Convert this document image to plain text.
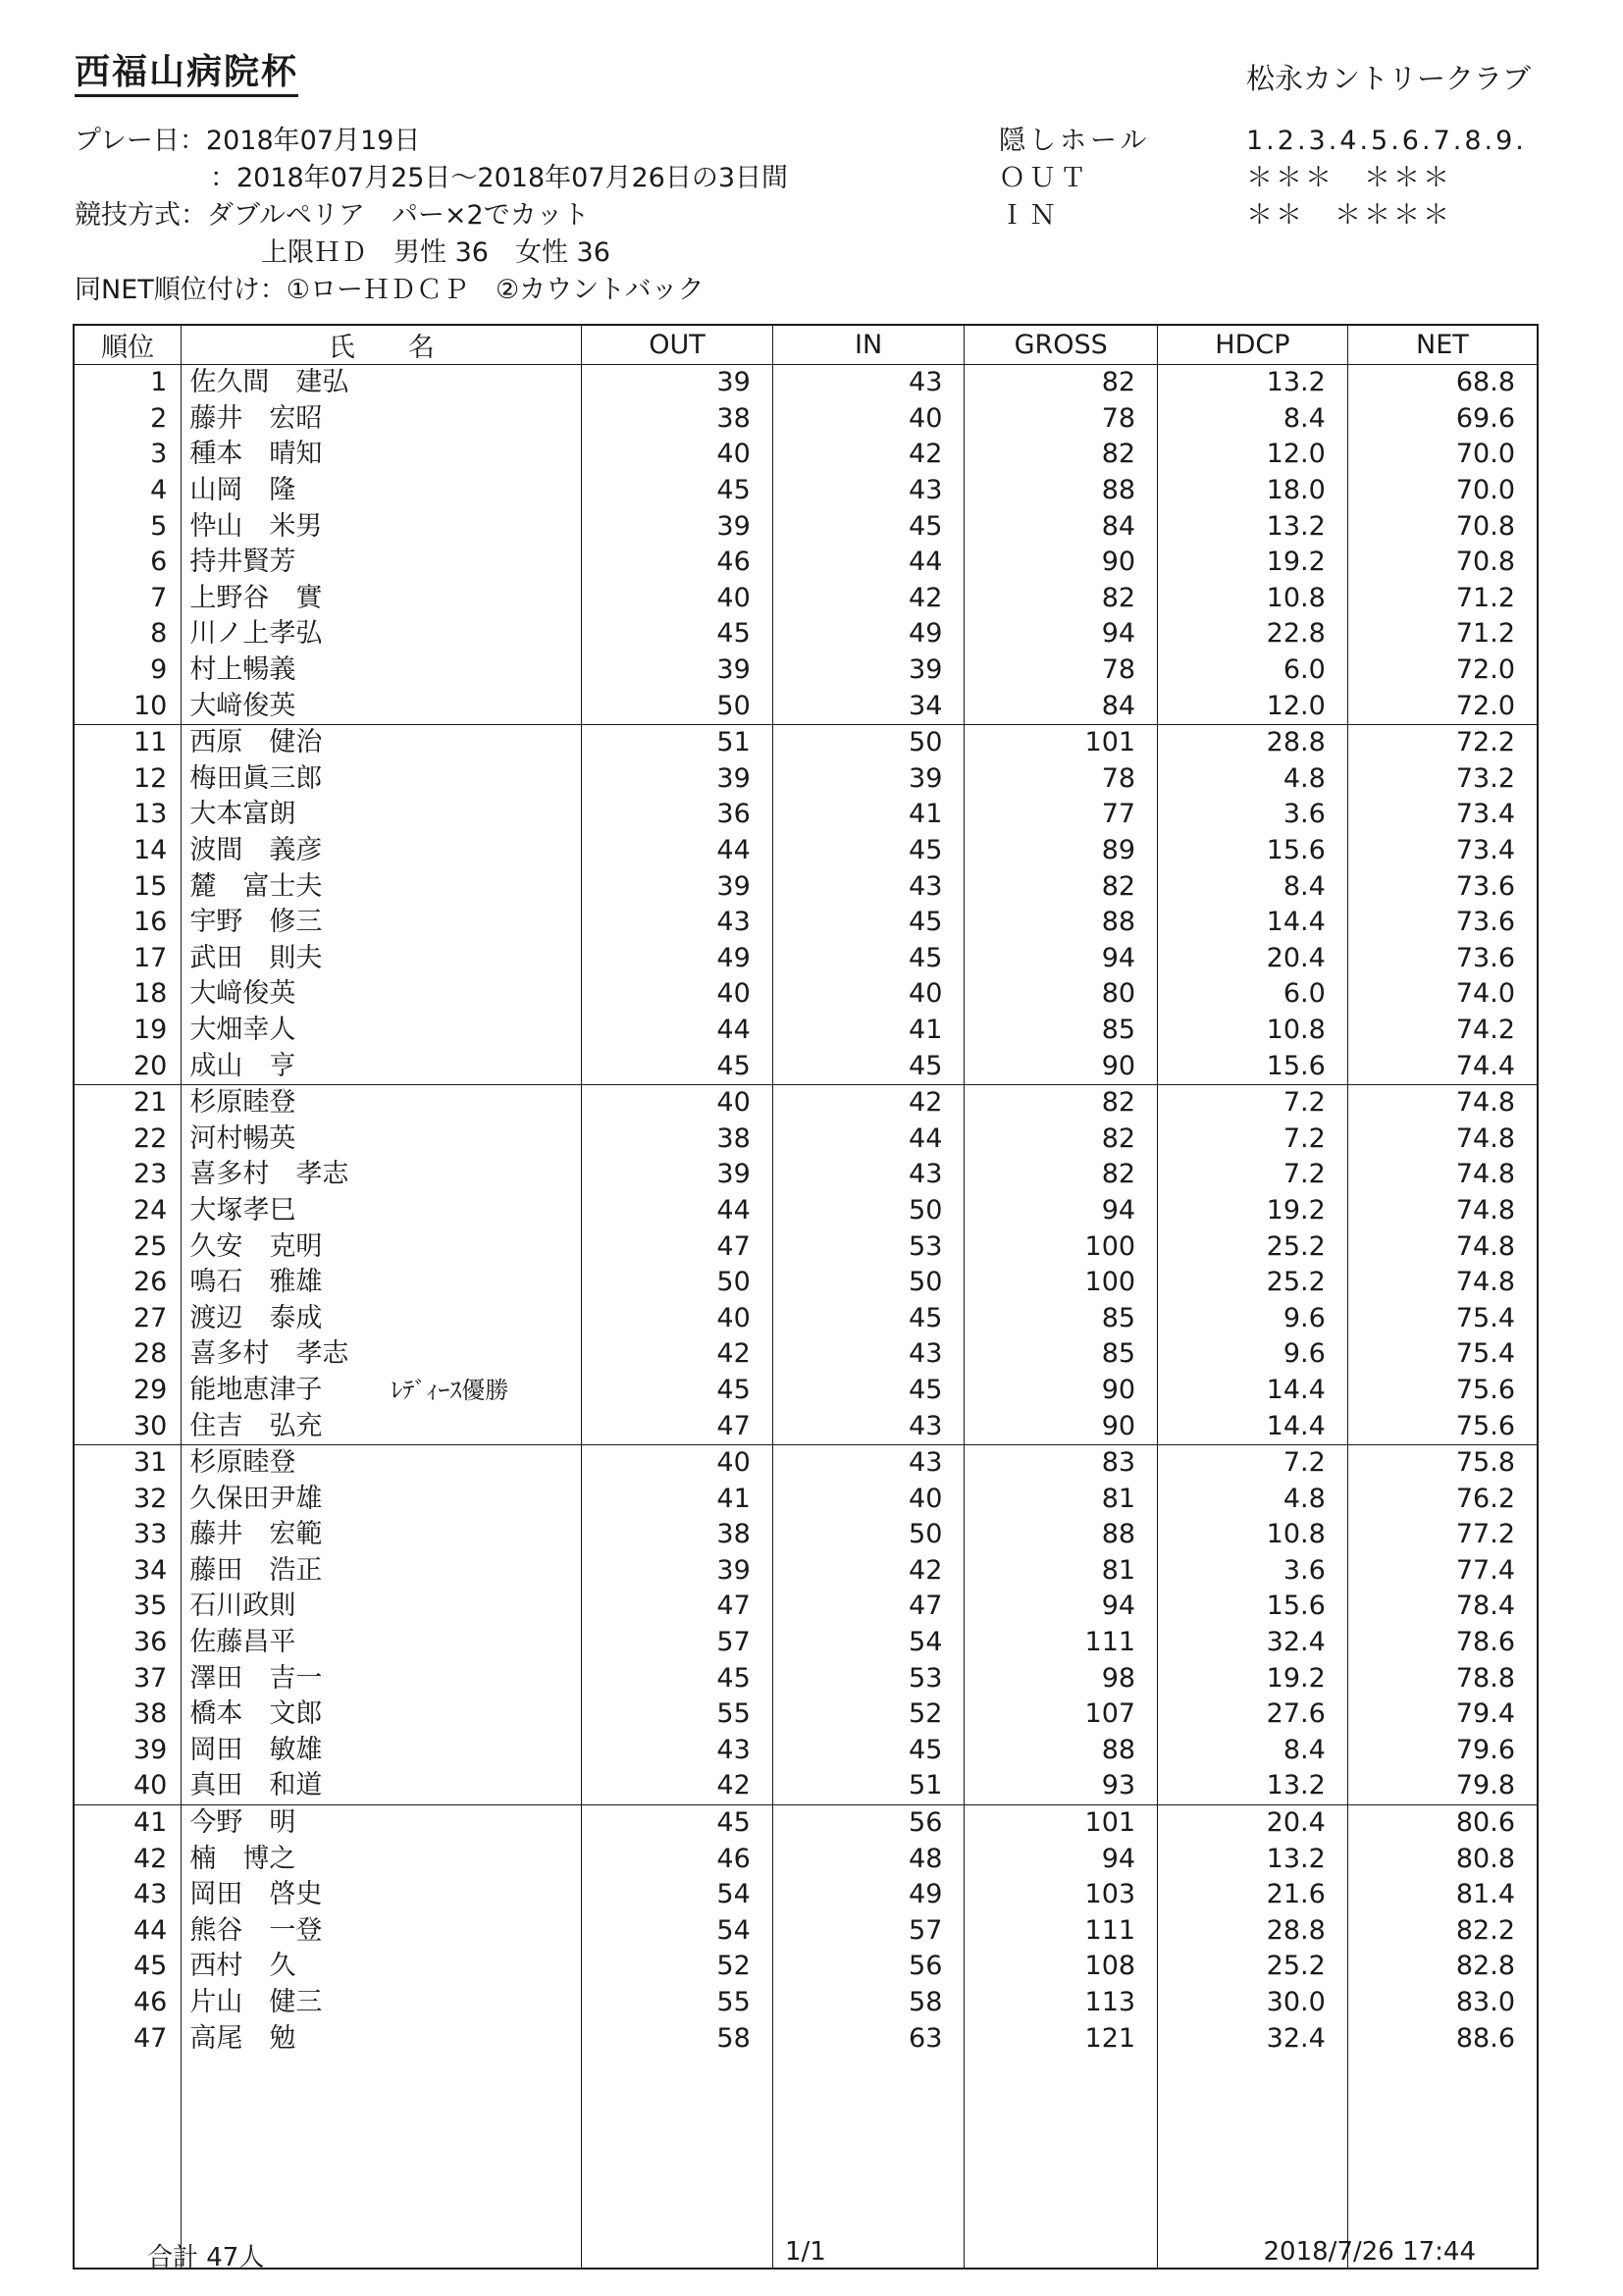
西福山病院杯	松永カントリークラブ
プレー日：2018年07月19日
：2018年07月25日～2018年07月26日の3日間
競技方式：ダブルペリア　パー×2でカット
上限ＨＤ　男性 36　女性 36
同NET順位付け：①ローＨＤＣＰ　②カウントバック
隠しホール	1.2.3.4.5.6.7.8.9.
ＯＵＴ	＊＊＊　＊＊＊
ＩＮ	＊＊　＊＊＊＊
順位	氏　　名	OUT	IN	GROSS	HDCP	NET
1	佐久間　建弘	39	43	82	13.2	68.8
2	藤井　宏昭	38	40	78	8.4	69.6
3	種本　晴知	40	42	82	12.0	70.0
4	山岡　隆	45	43	88	18.0	70.0
5	忰山　米男	39	45	84	13.2	70.8
6	持井賢芳	46	44	90	19.2	70.8
7	上野谷　實	40	42	82	10.8	71.2
8	川ノ上孝弘	45	49	94	22.8	71.2
9	村上暢義	39	39	78	6.0	72.0
10	大﨑俊英	50	34	84	12.0	72.0
11	西原　健治	51	50	101	28.8	72.2
12	梅田眞三郎	39	39	78	4.8	73.2
13	大本富朗	36	41	77	3.6	73.4
14	波間　義彦	44	45	89	15.6	73.4
15	麓　富士夫	39	43	82	8.4	73.6
16	宇野　修三	43	45	88	14.4	73.6
17	武田　則夫	49	45	94	20.4	73.6
18	大﨑俊英	40	40	80	6.0	74.0
19	大畑幸人	44	41	85	10.8	74.2
20	成山　亨	45	45	90	15.6	74.4
21	杉原睦登	40	42	82	7.2	74.8
22	河村暢英	38	44	82	7.2	74.8
23	喜多村　孝志	39	43	82	7.2	74.8
24	大塚孝巳	44	50	94	19.2	74.8
25	久安　克明	47	53	100	25.2	74.8
26	鳴石　雅雄	50	50	100	25.2	74.8
27	渡辺　泰成	40	45	85	9.6	75.4
28	喜多村　孝志	42	43	85	9.6	75.4
29	能地恵津子 ﾚﾃﾞｨｰｽ優勝	45	45	90	14.4	75.6
30	住吉　弘充	47	43	90	14.4	75.6
31	杉原睦登	40	43	83	7.2	75.8
32	久保田尹雄	41	40	81	4.8	76.2
33	藤井　宏範	38	50	88	10.8	77.2
34	藤田　浩正	39	42	81	3.6	77.4
35	石川政則	47	47	94	15.6	78.4
36	佐藤昌平	57	54	111	32.4	78.6
37	澤田　吉一	45	53	98	19.2	78.8
38	橋本　文郎	55	52	107	27.6	79.4
39	岡田　敏雄	43	45	88	8.4	79.6
40	真田　和道	42	51	93	13.2	79.8
41	今野　明	45	56	101	20.4	80.6
42	楠　博之	46	48	94	13.2	80.8
43	岡田　啓史	54	49	103	21.6	81.4
44	熊谷　一登	54	57	111	28.8	82.2
45	西村　久	52	56	108	25.2	82.8
46	片山　健三	55	58	113	30.0	83.0
47	高尾　勉	58	63	121	32.4	88.6

合計 47人	1/1	2018/7/26 17:44
